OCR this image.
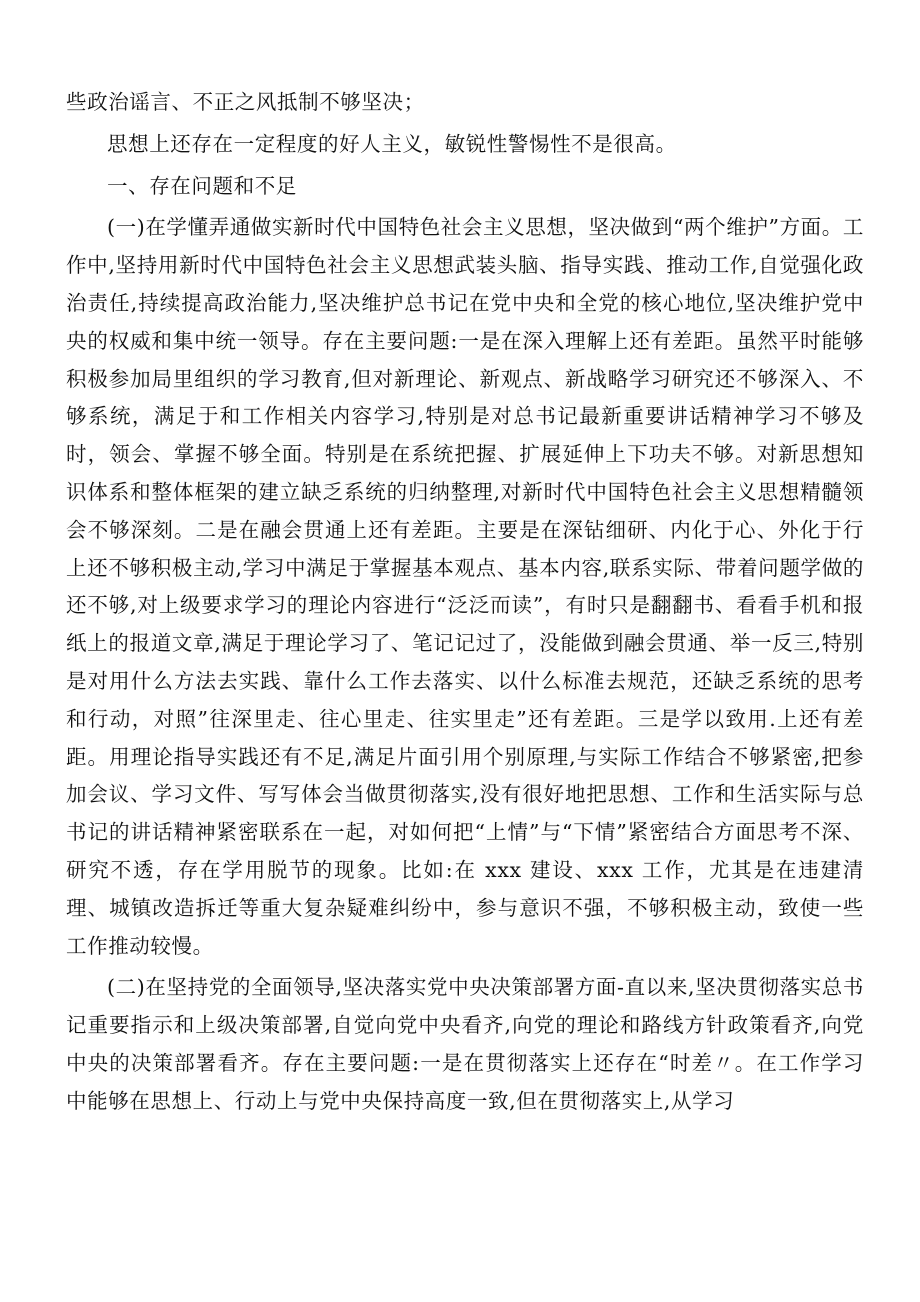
些政治谣言、不正之风抵制不够坚决；

思想上还存在一定程度的好人主义，敏锐性警惕性不是很高。

一、存在问题和不足

(一)在学懂弄通做实新时代中国特色社会主义思想，坚决做到“两个维护”方面。工作中,坚持用新时代中国特色社会主义思想武装头脑、指导实践、推动工作,自觉强化政治责任,持续提高政治能力,坚决维护总书记在党中央和全党的核心地位,坚决维护党中央的权威和集中统一领导。存在主要问题:一是在深入理解上还有差距。虽然平时能够积极参加局里组织的学习教育,但对新理论、新观点、新战略学习研究还不够深入、不够系统，满足于和工作相关内容学习,特别是对总书记最新重要讲话精神学习不够及时，领会、掌握不够全面。特别是在系统把握、扩展延伸上下功夫不够。对新思想知识体系和整体框架的建立缺乏系统的归纳整理,对新时代中国特色社会主义思想精髓领会不够深刻。二是在融会贯通上还有差距。主要是在深钻细研、内化于心、外化于行上还不够积极主动,学习中满足于掌握基本观点、基本内容,联系实际、带着问题学做的还不够,对上级要求学习的理论内容进行“泛泛而读”，有时只是翻翻书、看看手机和报纸上的报道文章,满足于理论学习了、笔记记过了，没能做到融会贯通、举一反三,特别是对用什么方法去实践、靠什么工作去落实、以什么标准去规范，还缺乏系统的思考和行动，对照”往深里走、往心里走、往实里走”还有差距。三是学以致用.上还有差距。用理论指导实践还有不足,满足片面引用个别原理,与实际工作结合不够紧密,把参加会议、学习文件、写写体会当做贯彻落实,没有很好地把思想、工作和生活实际与总书记的讲话精神紧密联系在一起，对如何把“上情”与“下情”紧密结合方面思考不深、研究不透，存在学用脱节的现象。比如:在 xxx 建设、xxx 工作，尤其是在违建清理、城镇改造拆迁等重大复杂疑难纠纷中，参与意识不强，不够积极主动，致使一些工作推动较慢。

(二)在坚持党的全面领导,坚决落实党中央决策部署方面-直以来,坚决贯彻落实总书记重要指示和上级决策部署,自觉向党中央看齐,向党的理论和路线方针政策看齐,向党中央的决策部署看齐。存在主要问题:一是在贯彻落实上还存在“时差〃。在工作学习中能够在思想上、行动上与党中央保持高度一致,但在贯彻落实上,从学习
